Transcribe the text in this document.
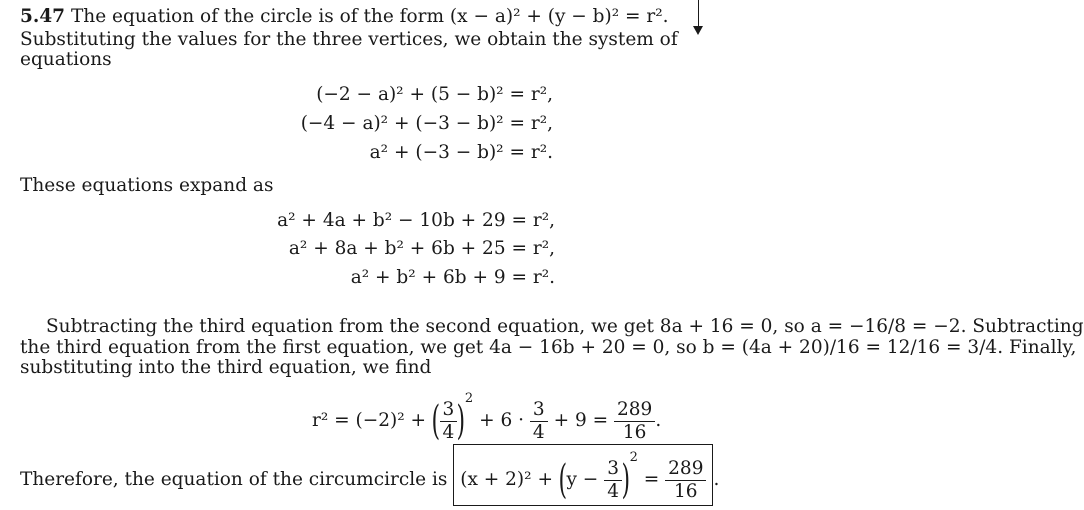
5.47 The equation of the circle is of the form (x − a)² + (y − b)² = r².
Substituting the values for the three vertices, we obtain the system of
equations
(−2 − a)² + (5 − b)² = r²,
(−4 − a)² + (−3 − b)² = r²,
a² + (−3 − b)² = r².
These equations expand as
a² + 4a + b² − 10b + 29 = r²,
a² + 8a + b² + 6b + 25 = r²,
a² + b² + 6b + 9 = r².
Subtracting the third equation from the second equation, we get 8a + 16 = 0, so a = −16/8 = −2. Subtracting
the third equation from the first equation, we get 4a − 16b + 20 = 0, so b = (4a + 20)/16 = 12/16 = 3/4. Finally,
substituting into the third equation, we find
r² = (−2)² + ( $\frac{3}{4} )^2 + 6 \cdot \frac{3}{4} + 9 = \frac{289}{16}$ .
Therefore, the equation of the circumcircle is $(x + 2)^2 + (y - \frac{3}{4} )^2 = \frac{289}{16}$ .
